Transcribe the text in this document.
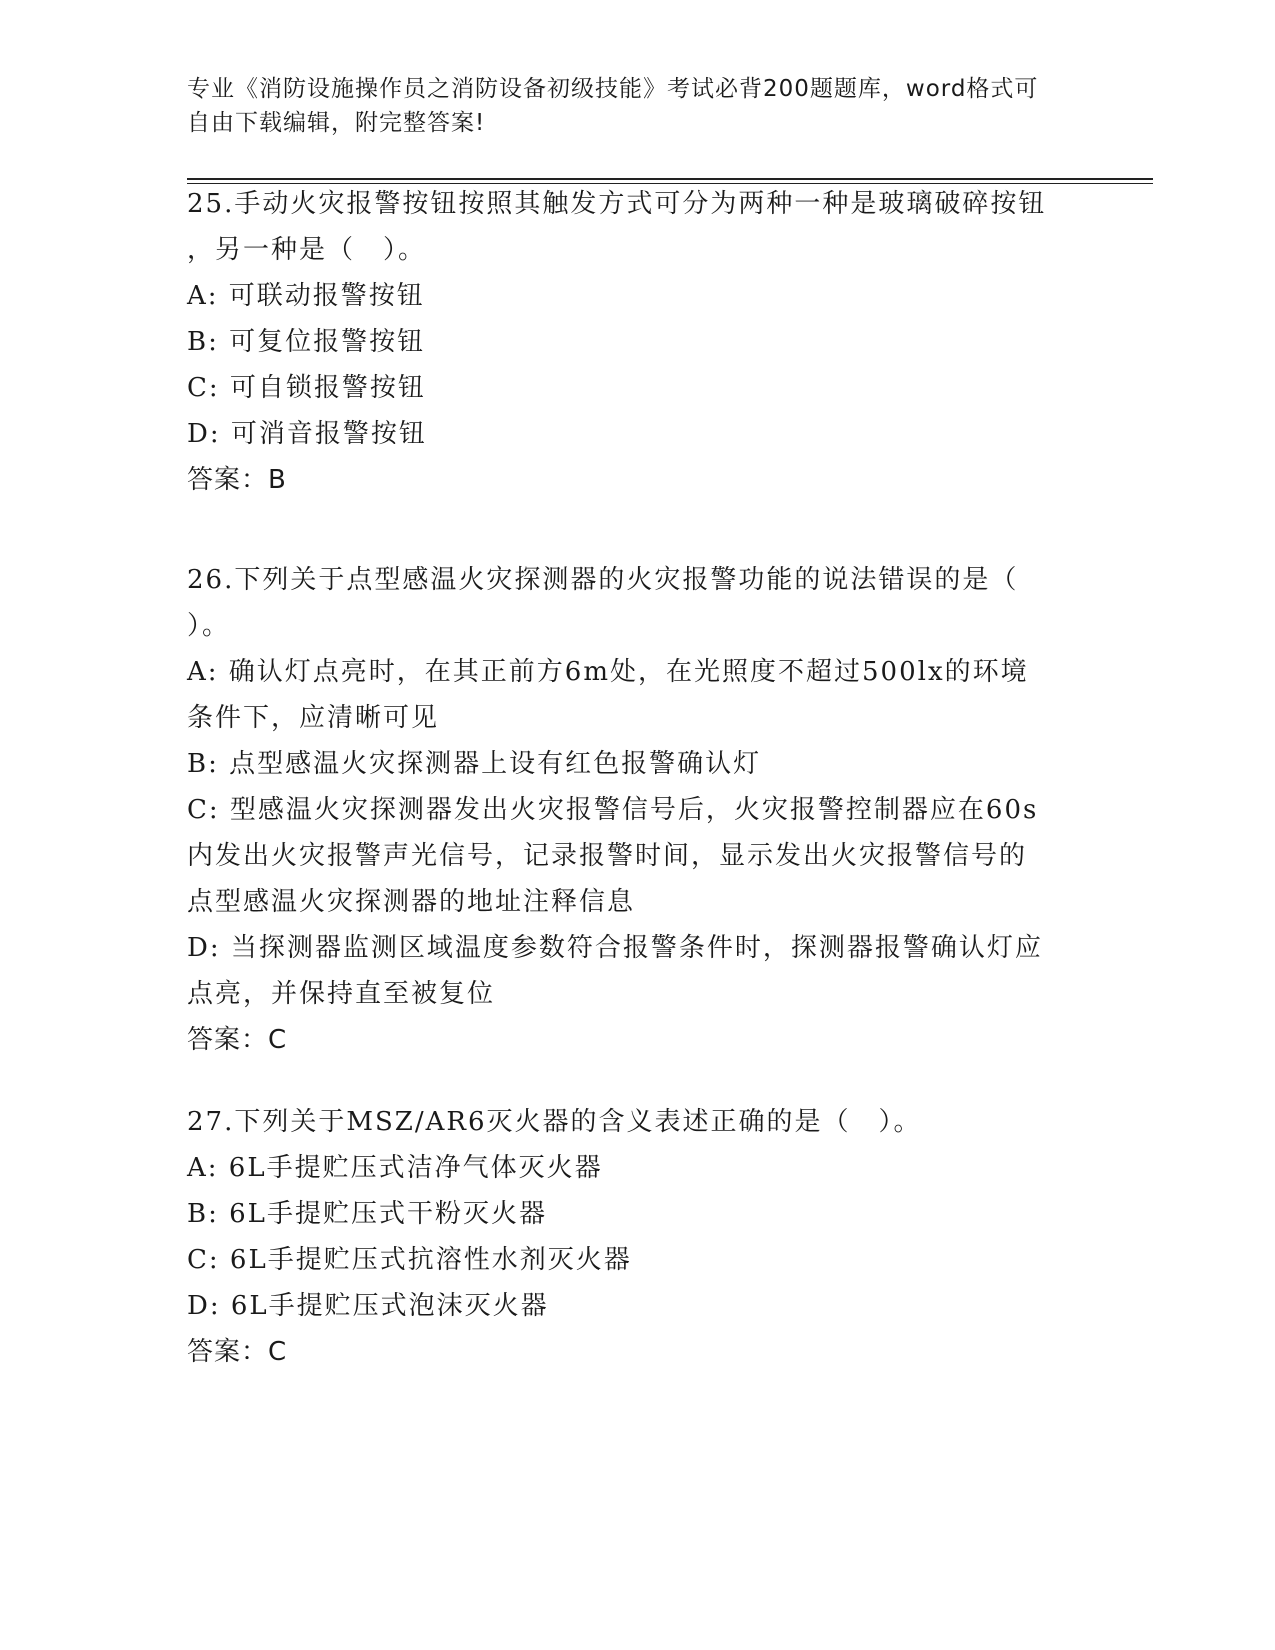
专业《消防设施操作员之消防设备初级技能》考试必背200题题库，word格式可
自由下载编辑，附完整答案!
25.手动火灾报警按钮按照其触发方式可分为两种一种是玻璃破碎按钮
，另一种是（　）。
A: 可联动报警按钮
B: 可复位报警按钮
C: 可自锁报警按钮
D: 可消音报警按钮
答案：B
26.下列关于点型感温火灾探测器的火灾报警功能的说法错误的是（
）。
A: 确认灯点亮时，在其正前方6m处，在光照度不超过500lx的环境
条件下，应清晰可见
B: 点型感温火灾探测器上设有红色报警确认灯
C: 型感温火灾探测器发出火灾报警信号后，火灾报警控制器应在60s
内发出火灾报警声光信号，记录报警时间，显示发出火灾报警信号的
点型感温火灾探测器的地址注释信息
D: 当探测器监测区域温度参数符合报警条件时，探测器报警确认灯应
点亮，并保持直至被复位
答案：C
27.下列关于MSZ/AR6灭火器的含义表述正确的是（　）。
A: 6L手提贮压式洁净气体灭火器
B: 6L手提贮压式干粉灭火器
C: 6L手提贮压式抗溶性水剂灭火器
D: 6L手提贮压式泡沫灭火器
答案：C
